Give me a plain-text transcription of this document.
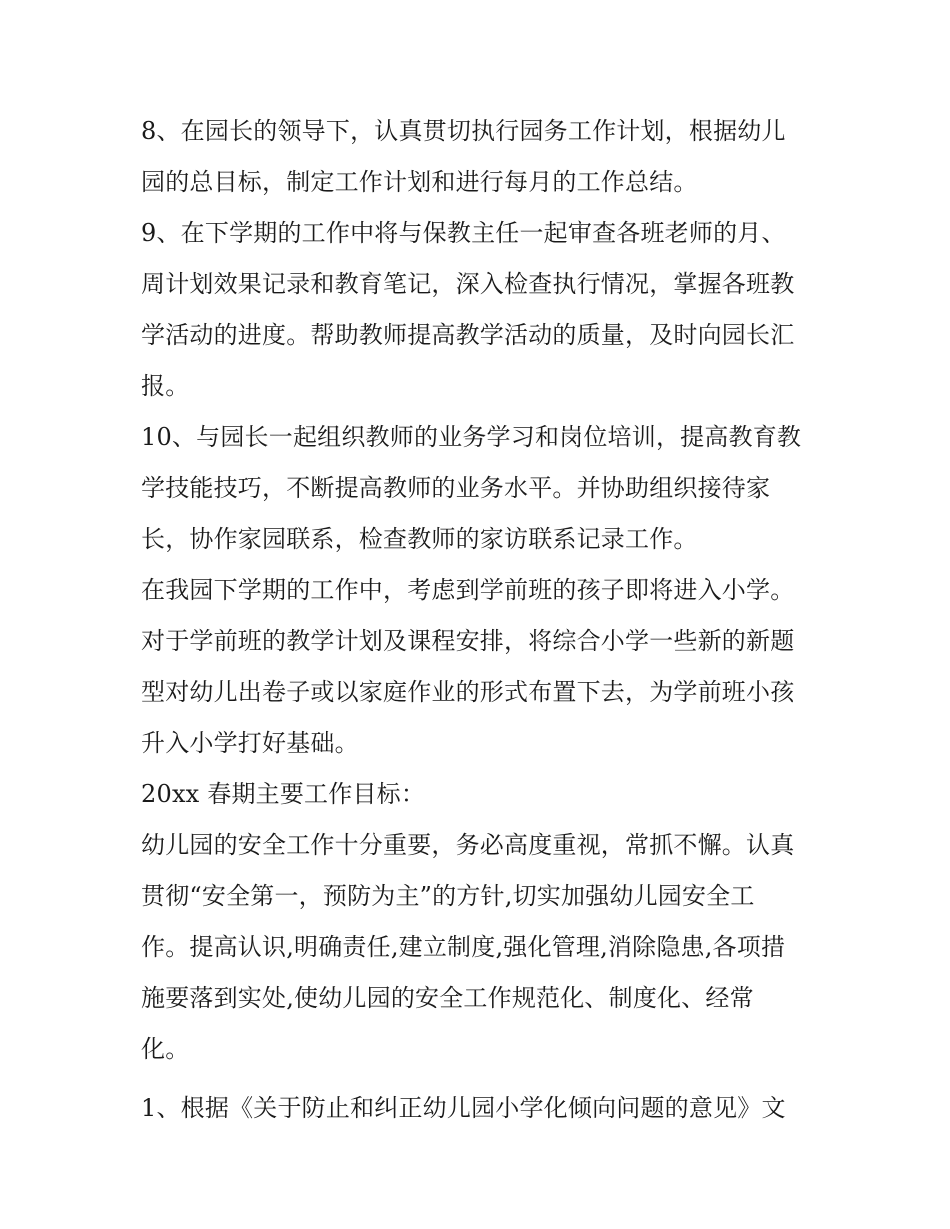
8、在园长的领导下，认真贯切执行园务工作计划，根据幼儿
园的总目标，制定工作计划和进行每月的工作总结。
9、在下学期的工作中将与保教主任一起审查各班老师的月、
周计划效果记录和教育笔记，深入检查执行情况，掌握各班教
学活动的进度。帮助教师提高教学活动的质量，及时向园长汇
报。
10、与园长一起组织教师的业务学习和岗位培训，提高教育教
学技能技巧，不断提高教师的业务水平。并协助组织接待家
长，协作家园联系，检查教师的家访联系记录工作。
在我园下学期的工作中，考虑到学前班的孩子即将进入小学。
对于学前班的教学计划及课程安排，将综合小学一些新的新题
型对幼儿出卷子或以家庭作业的形式布置下去，为学前班小孩
升入小学打好基础。
20xx 春期主要工作目标：
幼儿园的安全工作十分重要，务必高度重视，常抓不懈。认真
贯彻“安全第一，预防为主”的方针,切实加强幼儿园安全工
作。提高认识,明确责任,建立制度,强化管理,消除隐患,各项措
施要落到实处,使幼儿园的安全工作规范化、制度化、经常
化。
1、根据《关于防止和纠正幼儿园小学化倾向问题的意见》文
